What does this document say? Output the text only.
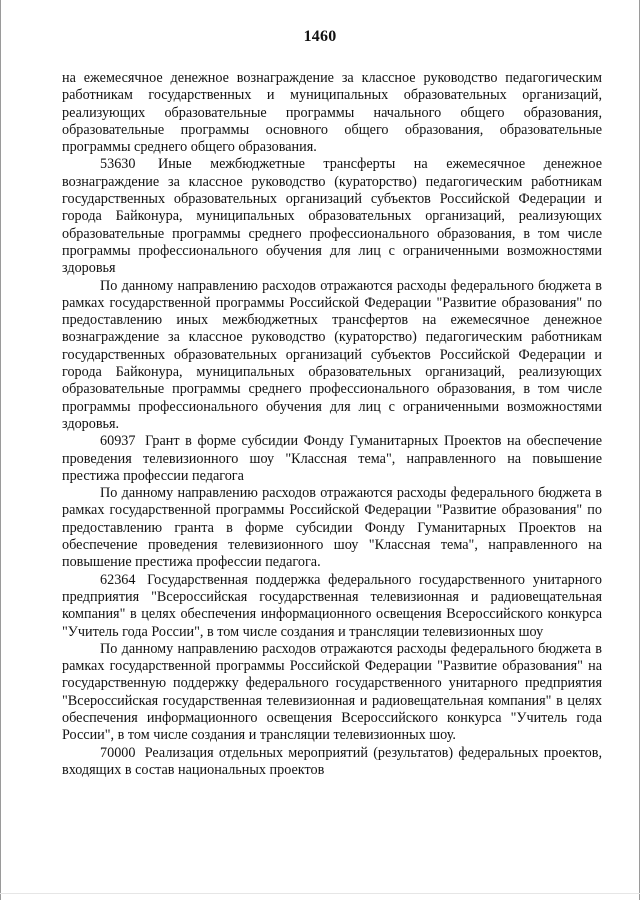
1460

на ежемесячное денежное вознаграждение за классное руководство педагогическим работникам государственных и муниципальных образовательных организаций, реализующих образовательные программы начального общего образования, образовательные программы основного общего образования, образовательные программы среднего общего образования.

53630 Иные межбюджетные трансферты на ежемесячное денежное вознаграждение за классное руководство (кураторство) педагогическим работникам государственных образовательных организаций субъектов Российской Федерации и города Байконура, муниципальных образовательных организаций, реализующих образовательные программы среднего профессионального образования, в том числе программы профессионального обучения для лиц с ограниченными возможностями здоровья

По данному направлению расходов отражаются расходы федерального бюджета в рамках государственной программы Российской Федерации "Развитие образования" по предоставлению иных межбюджетных трансфертов на ежемесячное денежное вознаграждение за классное руководство (кураторство) педагогическим работникам государственных образовательных организаций субъектов Российской Федерации и города Байконура, муниципальных образовательных организаций, реализующих образовательные программы среднего профессионального образования, в том числе программы профессионального обучения для лиц с ограниченными возможностями здоровья.

60937 Грант в форме субсидии Фонду Гуманитарных Проектов на обеспечение проведения телевизионного шоу "Классная тема", направленного на повышение престижа профессии педагога

По данному направлению расходов отражаются расходы федерального бюджета в рамках государственной программы Российской Федерации "Развитие образования" по предоставлению гранта в форме субсидии Фонду Гуманитарных Проектов на обеспечение проведения телевизионного шоу "Классная тема", направленного на повышение престижа профессии педагога.

62364 Государственная поддержка федерального государственного унитарного предприятия "Всероссийская государственная телевизионная и радиовещательная компания" в целях обеспечения информационного освещения Всероссийского конкурса "Учитель года России", в том числе создания и трансляции телевизионных шоу

По данному направлению расходов отражаются расходы федерального бюджета в рамках государственной программы Российской Федерации "Развитие образования" на государственную поддержку федерального государственного унитарного предприятия "Всероссийская государственная телевизионная и радиовещательная компания" в целях обеспечения информационного освещения Всероссийского конкурса "Учитель года России", в том числе создания и трансляции телевизионных шоу.

70000 Реализация отдельных мероприятий (результатов) федеральных проектов, входящих в состав национальных проектов
